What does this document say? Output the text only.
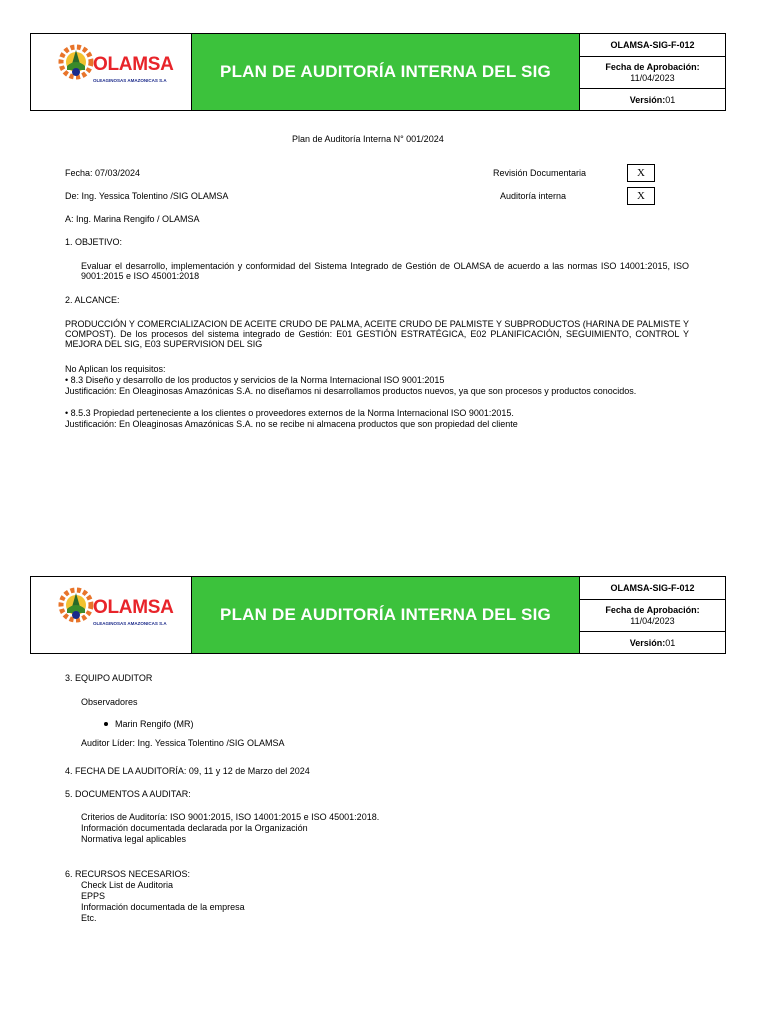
OLAMSA
OLEAGINOSAS AMAZONICAS S.A	PLAN DE AUDITORÍA INTERNA DEL SIG
OLAMSA-SIG-F-012
Fecha de Aprobación:
11/04/2023
Versión: 01
Plan de Auditoría Interna N° 001/2024
Fecha: 07/03/2024	Revisión Documentaria	X
De: Ing. Yessica Tolentino /SIG OLAMSA	Auditoría interna	X
A: Ing. Marina Rengifo / OLAMSA
1. OBJETIVO:
Evaluar el desarrollo, implementación y conformidad del Sistema Integrado de Gestión de OLAMSA de acuerdo a las normas ISO 14001:2015, ISO 9001:2015 e ISO 45001:2018
2. ALCANCE:
PRODUCCIÓN Y COMERCIALIZACION DE ACEITE CRUDO DE PALMA, ACEITE CRUDO DE PALMISTE Y SUBPRODUCTOS (HARINA DE PALMISTE Y COMPOST). De los procesos del sistema integrado de Gestión: E01 GESTIÓN ESTRATÉGICA, E02 PLANIFICACIÓN, SEGUIMIENTO, CONTROL Y MEJORA DEL SIG, E03 SUPERVISION DEL SIG
No Aplican los requisitos:
• 8.3 Diseño y desarrollo de los productos y servicios de la Norma Internacional ISO 9001:2015
Justificación: En Oleaginosas Amazónicas S.A. no diseñamos ni desarrollamos productos nuevos, ya que son procesos y productos conocidos.
• 8.5.3 Propiedad perteneciente a los clientes o proveedores externos de la Norma Internacional ISO 9001:2015.
Justificación: En Oleaginosas Amazónicas S.A. no se recibe ni almacena productos que son propiedad del cliente
OLAMSA
OLEAGINOSAS AMAZONICAS S.A	PLAN DE AUDITORÍA INTERNA DEL SIG
OLAMSA-SIG-F-012
Fecha de Aprobación:
11/04/2023
Versión: 01
3. EQUIPO AUDITOR
Observadores
Marin Rengifo (MR)
Auditor Líder: Ing. Yessica Tolentino /SIG OLAMSA
4. FECHA DE LA AUDITORÍA: 09, 11 y 12 de Marzo del 2024
5. DOCUMENTOS A AUDITAR:
Criterios de Auditoría: ISO 9001:2015, ISO 14001:2015 e ISO 45001:2018.
Información documentada declarada por la Organización
Normativa legal aplicables
6. RECURSOS NECESARIOS:
Check List de Auditoria
EPPS
Información documentada de la empresa
Etc.
